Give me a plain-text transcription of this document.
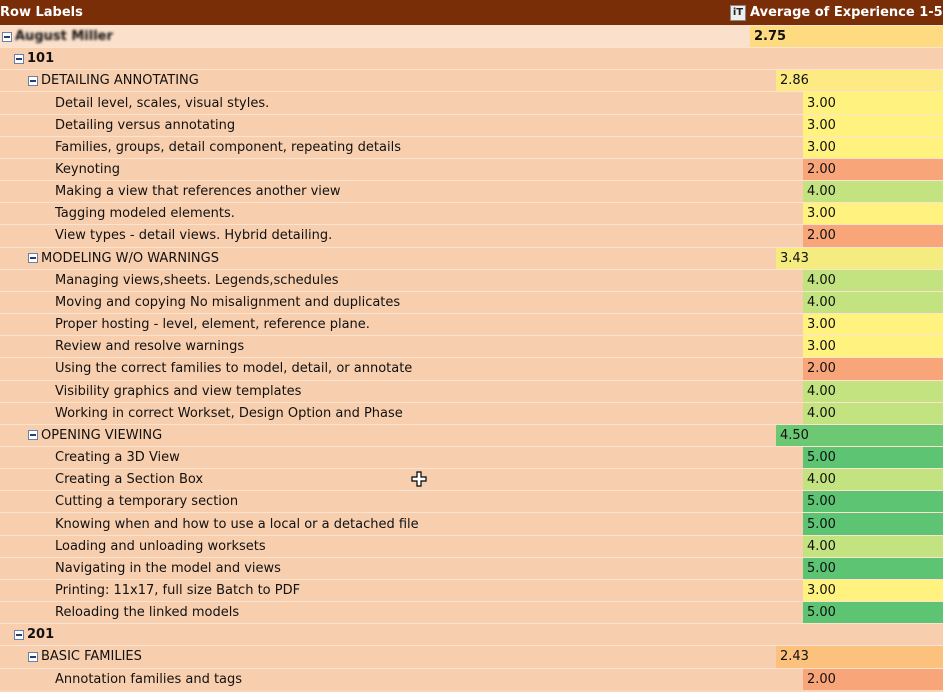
Row Labels	iT Average of Experience 1-5
August Miller	2.75
101
DETAILING ANNOTATING	2.86
Detail level, scales, visual styles.	3.00
Detailing versus annotating	3.00
Families, groups, detail component, repeating details	3.00
Keynoting	2.00
Making a view that references another view	4.00
Tagging modeled elements.	3.00
View types - detail views. Hybrid detailing.	2.00
MODELING W/O WARNINGS	3.43
Managing views,sheets. Legends,schedules	4.00
Moving and copying No misalignment and duplicates	4.00
Proper hosting - level, element, reference plane.	3.00
Review and resolve warnings	3.00
Using the correct families to model, detail, or annotate	2.00
Visibility graphics and view templates	4.00
Working in correct Workset, Design Option and Phase	4.00
OPENING VIEWING	4.50
Creating a 3D View	5.00
Creating a Section Box	4.00
Cutting a temporary section	5.00
Knowing when and how to use a local or a detached file	5.00
Loading and unloading worksets	4.00
Navigating in the model and views	5.00
Printing: 11x17, full size Batch to PDF	3.00
Reloading the linked models	5.00
201
BASIC FAMILIES	2.43
Annotation families and tags	2.00
